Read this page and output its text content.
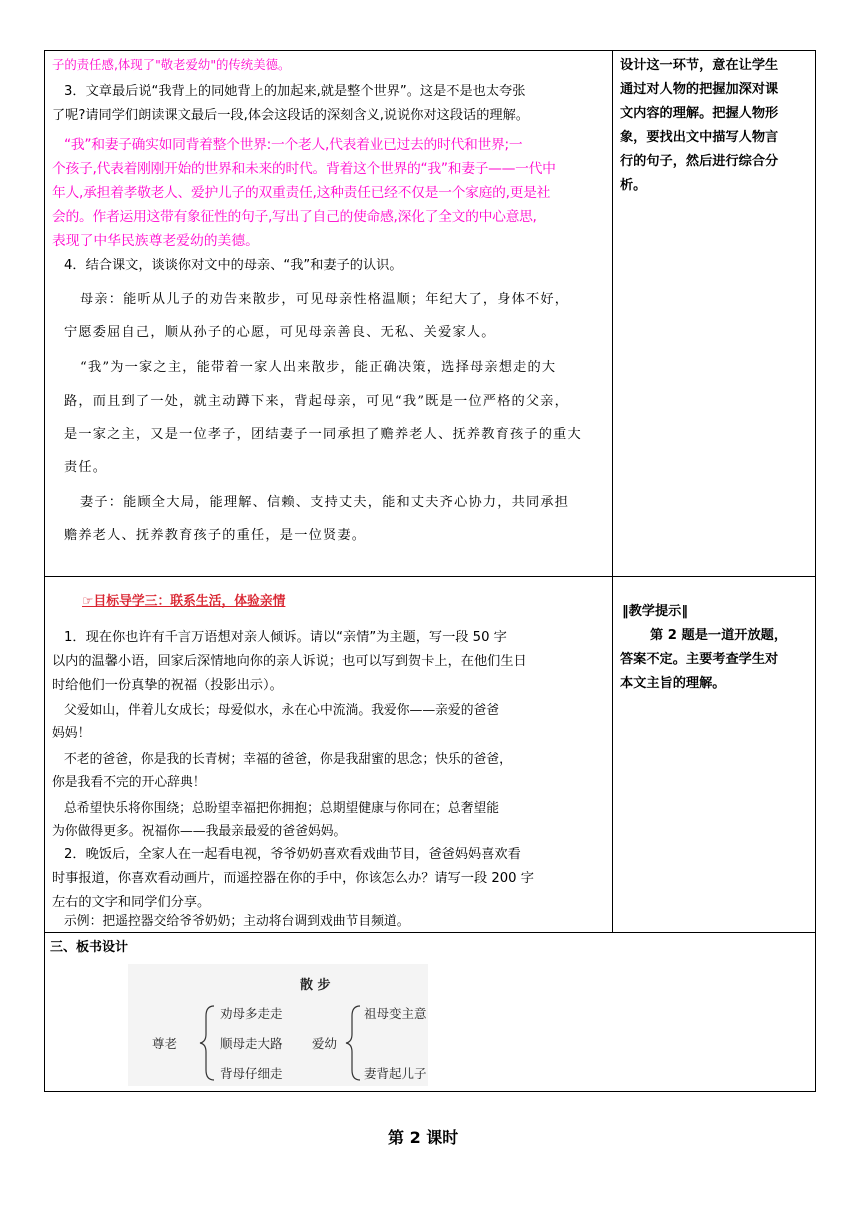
子的责任感,体现了"敬老爱幼"的传统美德。
3．文章最后说“我背上的同她背上的加起来,就是整个世界”。这是不是也太夸张
了呢?请同学们朗读课文最后一段,体会这段话的深刻含义,说说你对这段话的理解。
“我”和妻子确实如同背着整个世界:一个老人,代表着业已过去的时代和世界;一
个孩子,代表着刚刚开始的世界和未来的时代。背着这个世界的“我”和妻子——一代中
年人,承担着孝敬老人、爱护儿子的双重责任,这种责任已经不仅是一个家庭的,更是社
会的。作者运用这带有象征性的句子,写出了自己的使命感,深化了全文的中心意思,
表现了中华民族尊老爱幼的美德。
4．结合课文，谈谈你对文中的母亲、“我”和妻子的认识。
母亲：能听从儿子的劝告来散步，可见母亲性格温顺；年纪大了，身体不好，
宁愿委屈自己，顺从孙子的心愿，可见母亲善良、无私、关爱家人。
“我”为一家之主，能带着一家人出来散步，能正确决策，选择母亲想走的大
路，而且到了一处，就主动蹲下来，背起母亲，可见“我”既是一位严格的父亲，
是一家之主，又是一位孝子，团结妻子一同承担了赡养老人、抚养教育孩子的重大
责任。
妻子：能顾全大局，能理解、信赖、支持丈夫，能和丈夫齐心协力，共同承担
赡养老人、抚养教育孩子的重任，是一位贤妻。
设计这一环节，意在让学生
通过对人物的把握加深对课
文内容的理解。把握人物形
象，要找出文中描写人物言
行的句子，然后进行综合分
析。
☞目标导学三：联系生活，体验亲情
1．现在你也许有千言万语想对亲人倾诉。请以“亲情”为主题，写一段 50 字
以内的温馨小语，回家后深情地向你的亲人诉说；也可以写到贺卡上，在他们生日
时给他们一份真挚的祝福（投影出示）。
父爱如山，伴着儿女成长；母爱似水，永在心中流淌。我爱你——亲爱的爸爸
妈妈！
不老的爸爸，你是我的长青树；幸福的爸爸，你是我甜蜜的思念；快乐的爸爸，
你是我看不完的开心辞典！
总希望快乐将你围绕；总盼望幸福把你拥抱；总期望健康与你同在；总奢望能
为你做得更多。祝福你——我最亲最爱的爸爸妈妈。
2．晚饭后，全家人在一起看电视，爷爷奶奶喜欢看戏曲节目，爸爸妈妈喜欢看
时事报道，你喜欢看动画片，而遥控器在你的手中，你该怎么办？请写一段 200 字
左右的文字和同学们分享。
示例：把遥控器交给爷爷奶奶；主动将台调到戏曲节目频道。
‖教学提示‖
第 2 题是一道开放题，
答案不定。主要考查学生对
本文主旨的理解。
三、板书设计
散 步
劝母多走走
顺母走大路
背母仔细走
尊老	爱幼
祖母变主意
妻背起儿子
第 2 课时
